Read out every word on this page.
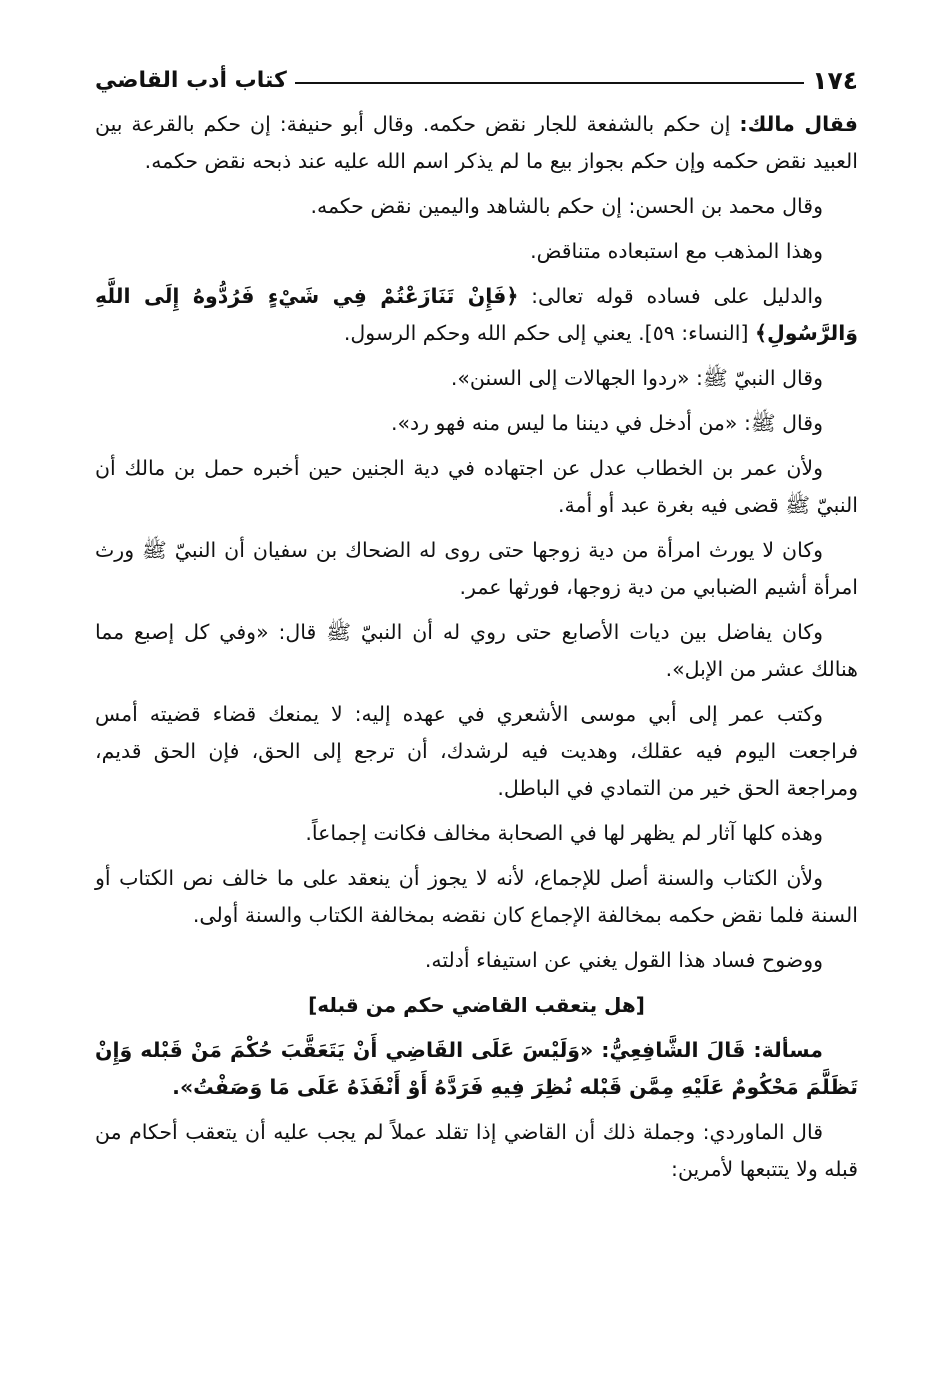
١٧٤
كتاب أدب القاضي

فقال مالك: إن حكم بالشفعة للجار نقض حكمه. وقال أبو حنيفة: إن حكم بالقرعة بين العبيد نقض حكمه وإن حكم بجواز بيع ما لم يذكر اسم الله عليه عند ذبحه نقض حكمه.

وقال محمد بن الحسن: إن حكم بالشاهد واليمين نقض حكمه.

وهذا المذهب مع استبعاده متناقض.

والدليل على فساده قوله تعالى: ﴿فَإِنْ تَنَازَعْتُمْ فِي شَيْءٍ فَرُدُّوهُ إِلَى اللَّهِ وَالرَّسُولِ﴾ [النساء: ٥٩]. يعني إلى حكم الله وحكم الرسول.

وقال النبيّ ﷺ: «ردوا الجهالات إلى السنن».

وقال ﷺ: «من أدخل في ديننا ما ليس منه فهو رد».

ولأن عمر بن الخطاب عدل عن اجتهاده في دية الجنين حين أخبره حمل بن مالك أن النبيّ ﷺ قضى فيه بغرة عبد أو أمة.

وكان لا يورث امرأة من دية زوجها حتى روى له الضحاك بن سفيان أن النبيّ ﷺ ورث امرأة أشيم الضبابي من دية زوجها، فورثها عمر.

وكان يفاضل بين ديات الأصابع حتى روي له أن النبيّ ﷺ قال: «وفي كل إصبع مما هنالك عشر من الإبل».

وكتب عمر إلى أبي موسى الأشعري في عهده إليه: لا يمنعك قضاء قضيته أمس فراجعت اليوم فيه عقلك، وهديت فيه لرشدك، أن ترجع إلى الحق، فإن الحق قديم، ومراجعة الحق خير من التمادي في الباطل.

وهذه كلها آثار لم يظهر لها في الصحابة مخالف فكانت إجماعاً.

ولأن الكتاب والسنة أصل للإجماع، لأنه لا يجوز أن ينعقد على ما خالف نص الكتاب أو السنة فلما نقض حكمه بمخالفة الإجماع كان نقضه بمخالفة الكتاب والسنة أولى.

ووضوح فساد هذا القول يغني عن استيفاء أدلته.

[هل يتعقب القاضي حكم من قبله]

مسألة: قَالَ الشَّافِعِيُّ: «وَلَيْسَ عَلَى القَاضِي أَنْ يَتَعَقَّبَ حُكْمَ مَنْ قَبْله وَإِنْ تَظَلَّمَ مَحْكُومٌ عَلَيْهِ مِمَّن قَبْله نُظِرَ فِيهِ فَرَدَّهُ أَوْ أَنْفَذَهُ عَلَى مَا وَصَفْتُ».

قال الماوردي: وجملة ذلك أن القاضي إذا تقلد عملاً لم يجب عليه أن يتعقب أحكام من قبله ولا يتتبعها لأمرين:
